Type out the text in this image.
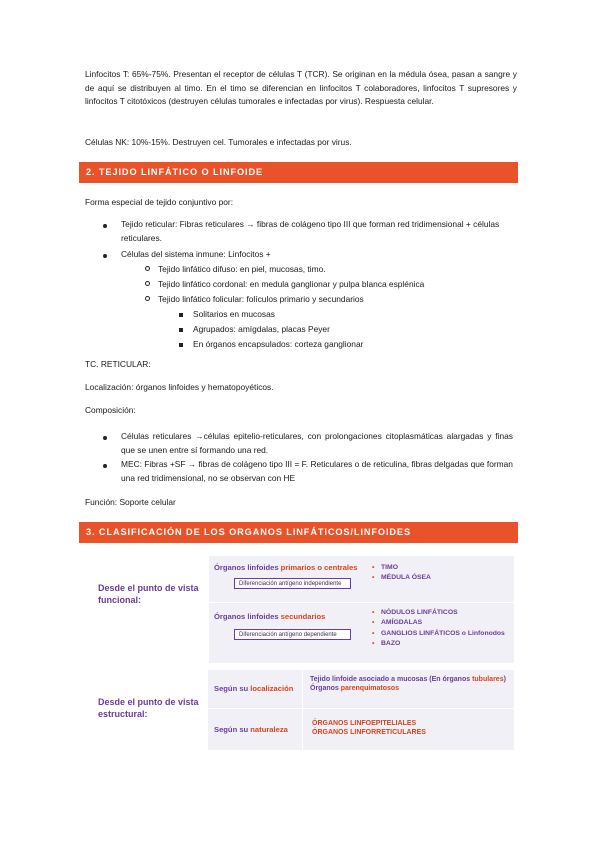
Linfocitos T: 65%-75%. Presentan el receptor de células T (TCR). Se originan en la médula ósea, pasan a sangre y de aquí se distribuyen al timo. En el timo se diferencian en linfocitos T colaboradores, linfocitos T supresores y linfocitos T citotóxicos (destruyen células tumorales e infectadas por virus). Respuesta celular.

Células NK: 10%-15%. Destruyen cel. Tumorales e infectadas por virus.

2. TEJIDO LINFÁTICO O LINFOIDE

Forma especial de tejido conjuntivo por:

Tejido reticular: Fibras reticulares → fibras de colágeno tipo III que forman red tridimensional + células reticulares.
Células del sistema inmune: Linfocitos +
Tejido linfático difuso: en piel, mucosas, timo.
Tejido linfático cordonal: en medula ganglionar y pulpa blanca esplénica
Tejido linfático folicular: folículos primario y secundarios
Solitarios en mucosas
Agrupados: amígdalas, placas Peyer
En órganos encapsulados: corteza ganglionar

TC. RETICULAR:

Localización: órganos linfoides y hematopoyéticos.

Composición:

Células reticulares →células epitelio-reticulares, con prolongaciones citoplasmáticas alargadas y finas que se unen entre sí formando una red.
MEC: Fibras +SF → fibras de colágeno tipo III = F. Reticulares o de reticulina, fibras delgadas que forman una red tridimensional, no se observan con HE

Función: Soporte celular

3. CLASIFICACIÓN DE LOS ORGANOS LINFÁTICOS/LINFOIDES
Desde el punto de vista funcional:
Órganos linfoides primarios o centrales
Diferenciación antígeno independiente
• TIMO
• MÉDULA ÓSEA
Órganos linfoides secundarios
Diferenciación antígeno dependiente
• NÓDULOS LINFÁTICOS
• AMÍGDALAS
• GANGLIOS LINFÁTICOS o Linfonodos
• BAZO
Desde el punto de vista estructural:
Según su localización
Tejido linfoide asociado a mucosas (En órganos tubulares)
Órganos parenquimatosos
Según su naturaleza
ÓRGANOS LINFOEPITELIALES
ÓRGANOS LINFORRETICULARES
